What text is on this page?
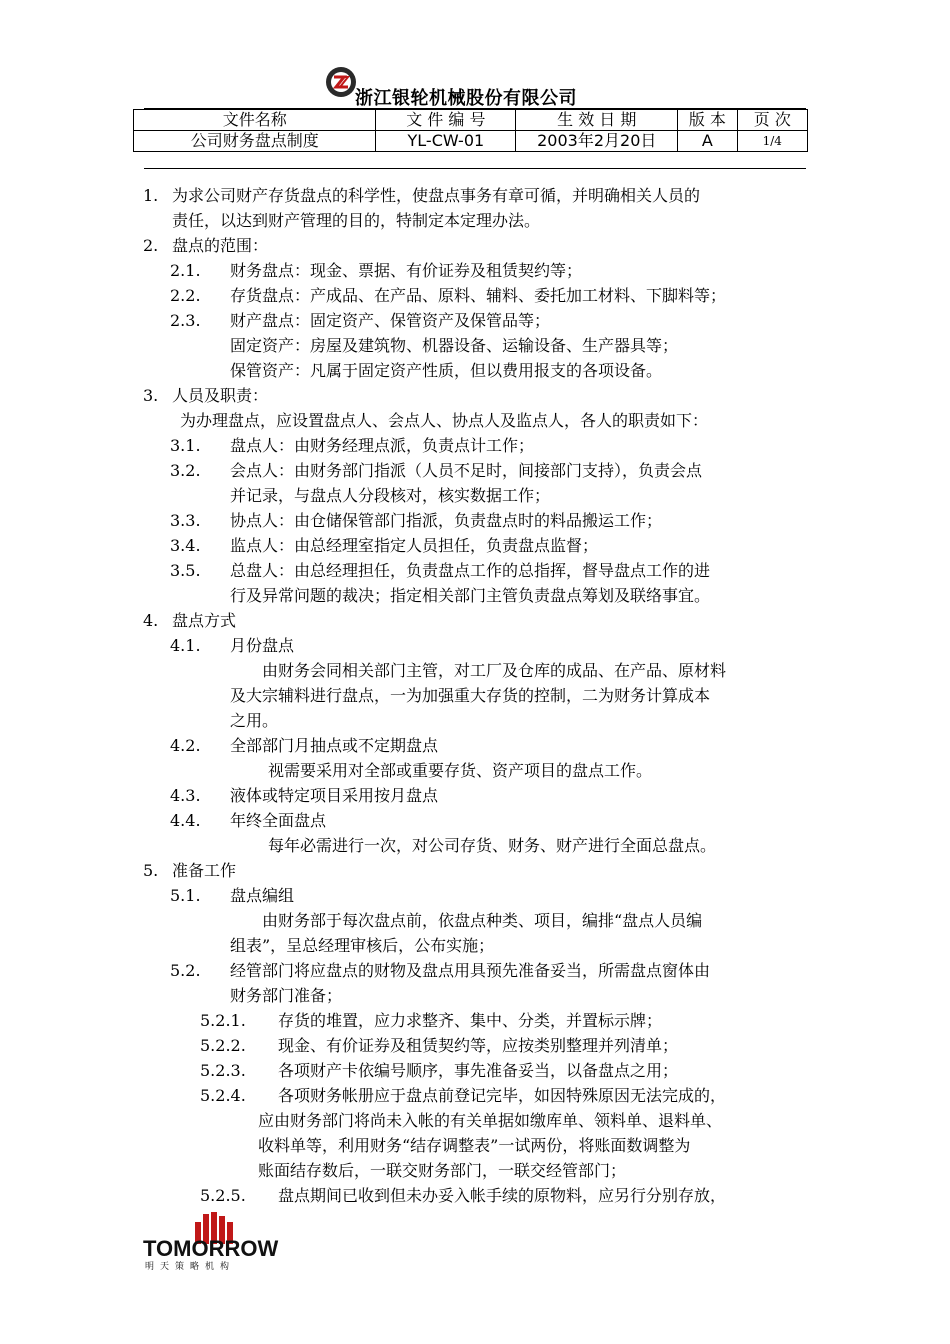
浙江银轮机械股份有限公司
文件名称	文 件 编 号	生 效 日 期	版 本	页 次
公司财务盘点制度	YL-CW-01	2003年2月20日	A	1/4
1. 为求公司财产存货盘点的科学性，使盘点事务有章可循，并明确相关人员的
责任，以达到财产管理的目的，特制定本定理办法。
2. 盘点的范围：
2.1. 财务盘点：现金、票据、有价证券及租赁契约等；
2.2. 存货盘点：产成品、在产品、原料、辅料、委托加工材料、下脚料等；
2.3. 财产盘点：固定资产、保管资产及保管品等；
固定资产：房屋及建筑物、机器设备、运输设备、生产器具等；
保管资产：凡属于固定资产性质，但以费用报支的各项设备。
3. 人员及职责：
为办理盘点，应设置盘点人、会点人、协点人及监点人，各人的职责如下：
3.1. 盘点人：由财务经理点派，负责点计工作；
3.2. 会点人：由财务部门指派（人员不足时，间接部门支持），负责会点
并记录，与盘点人分段核对，核实数据工作；
3.3. 协点人：由仓储保管部门指派，负责盘点时的料品搬运工作；
3.4. 监点人：由总经理室指定人员担任，负责盘点监督；
3.5. 总盘人：由总经理担任，负责盘点工作的总指挥，督导盘点工作的进
行及异常问题的裁决；指定相关部门主管负责盘点筹划及联络事宜。
4. 盘点方式
4.1. 月份盘点
由财务会同相关部门主管，对工厂及仓库的成品、在产品、原材料
及大宗辅料进行盘点，一为加强重大存货的控制，二为财务计算成本
之用。
4.2. 全部部门月抽点或不定期盘点
视需要采用对全部或重要存货、资产项目的盘点工作。
4.3. 液体或特定项目采用按月盘点
4.4. 年终全面盘点
每年必需进行一次，对公司存货、财务、财产进行全面总盘点。
5. 准备工作
5.1. 盘点编组
由财务部于每次盘点前，依盘点种类、项目，编排“盘点人员编
组表”，呈总经理审核后，公布实施；
5.2. 经管部门将应盘点的财物及盘点用具预先准备妥当，所需盘点窗体由
财务部门准备；
5.2.1. 存货的堆置，应力求整齐、集中、分类，并置标示牌；
5.2.2. 现金、有价证券及租赁契约等，应按类别整理并列清单；
5.2.3. 各项财产卡依编号顺序，事先准备妥当，以备盘点之用；
5.2.4. 各项财务帐册应于盘点前登记完毕，如因特殊原因无法完成的，
应由财务部门将尚未入帐的有关单据如缴库单、领料单、退料单、
收料单等，利用财务“结存调整表”一试两份，将账面数调整为
账面结存数后，一联交财务部门，一联交经管部门；
5.2.5. 盘点期间已收到但未办妥入帐手续的原物料，应另行分别存放，
TOMORROW
明天策略机构
